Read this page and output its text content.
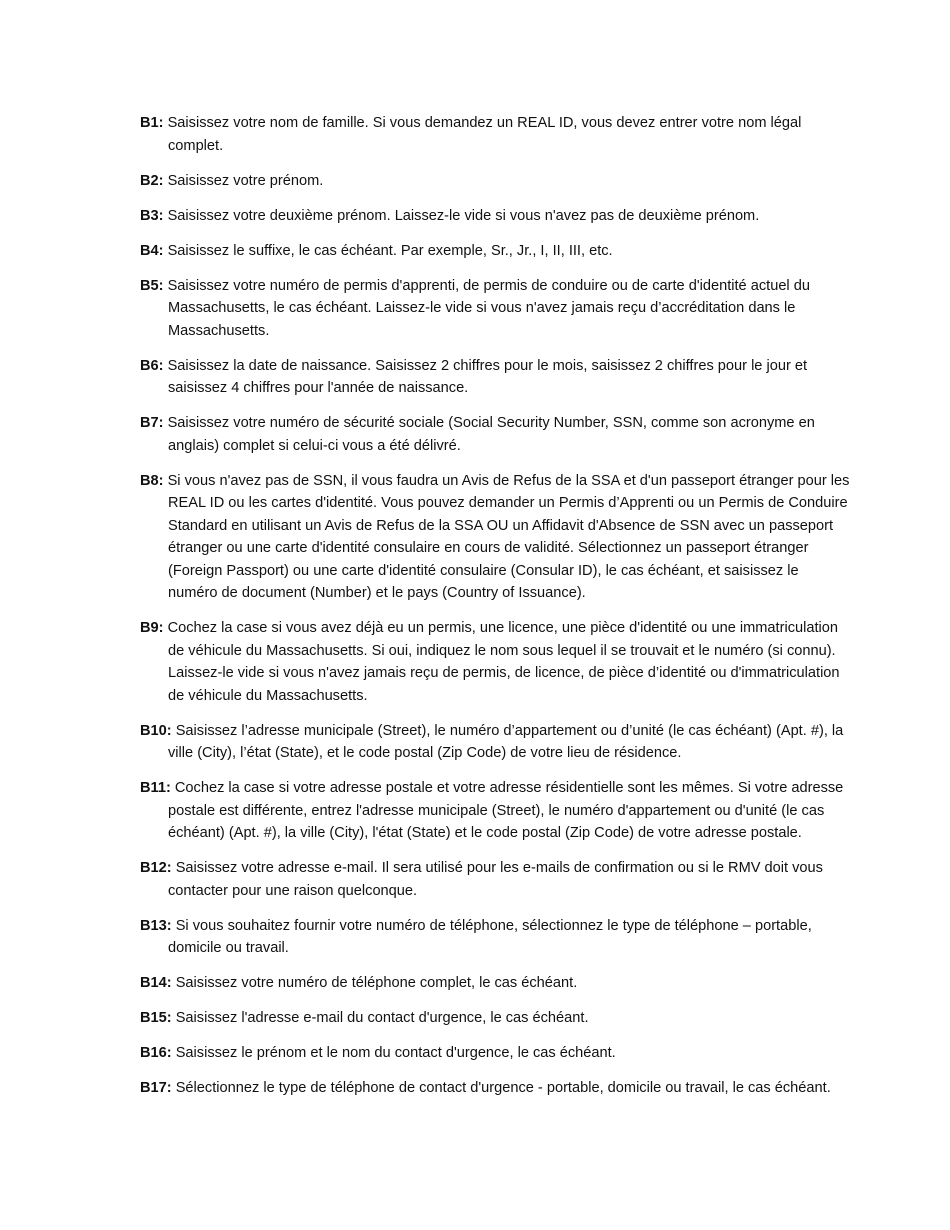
B1: Saisissez votre nom de famille. Si vous demandez un REAL ID, vous devez entrer votre nom légal complet.

B2: Saisissez votre prénom.

B3: Saisissez votre deuxième prénom. Laissez-le vide si vous n'avez pas de deuxième prénom.

B4: Saisissez le suffixe, le cas échéant. Par exemple, Sr., Jr., I, II, III, etc.

B5: Saisissez votre numéro de permis d'apprenti, de permis de conduire ou de carte d'identité actuel du Massachusetts, le cas échéant. Laissez-le vide si vous n'avez jamais reçu d’accréditation dans le Massachusetts.

B6: Saisissez la date de naissance. Saisissez 2 chiffres pour le mois, saisissez 2 chiffres pour le jour et saisissez 4 chiffres pour l'année de naissance.

B7: Saisissez votre numéro de sécurité sociale (Social Security Number, SSN, comme son acronyme en anglais) complet si celui-ci vous a été délivré.

B8: Si vous n'avez pas de SSN, il vous faudra un Avis de Refus de la SSA et d'un passeport étranger pour les REAL ID ou les cartes d'identité. Vous pouvez demander un Permis d’Apprenti ou un Permis de Conduire Standard en utilisant un Avis de Refus de la SSA OU un Affidavit d'Absence de SSN avec un passeport étranger ou une carte d'identité consulaire en cours de validité. Sélectionnez un passeport étranger (Foreign Passport) ou une carte d'identité consulaire (Consular ID), le cas échéant, et saisissez le numéro de document (Number) et le pays (Country of Issuance).

B9: Cochez la case si vous avez déjà eu un permis, une licence, une pièce d'identité ou une immatriculation de véhicule du Massachusetts. Si oui, indiquez le nom sous lequel il se trouvait et le numéro (si connu). Laissez-le vide si vous n'avez jamais reçu de permis, de licence, de pièce d’identité ou d'immatriculation de véhicule du Massachusetts.

B10: Saisissez l’adresse municipale (Street), le numéro d’appartement ou d’unité (le cas échéant) (Apt. #), la ville (City), l’état (State), et le code postal (Zip Code) de votre lieu de résidence.

B11: Cochez la case si votre adresse postale et votre adresse résidentielle sont les mêmes. Si votre adresse postale est différente, entrez l'adresse municipale (Street), le numéro d'appartement ou d'unité (le cas échéant) (Apt. #), la ville (City), l'état (State) et le code postal (Zip Code) de votre adresse postale.

B12: Saisissez votre adresse e-mail. Il sera utilisé pour les e-mails de confirmation ou si le RMV doit vous contacter pour une raison quelconque.

B13: Si vous souhaitez fournir votre numéro de téléphone, sélectionnez le type de téléphone – portable, domicile ou travail.

B14: Saisissez votre numéro de téléphone complet, le cas échéant.

B15: Saisissez l'adresse e-mail du contact d'urgence, le cas échéant.

B16: Saisissez le prénom et le nom du contact d'urgence, le cas échéant.

B17: Sélectionnez le type de téléphone de contact d'urgence - portable, domicile ou travail, le cas échéant.
